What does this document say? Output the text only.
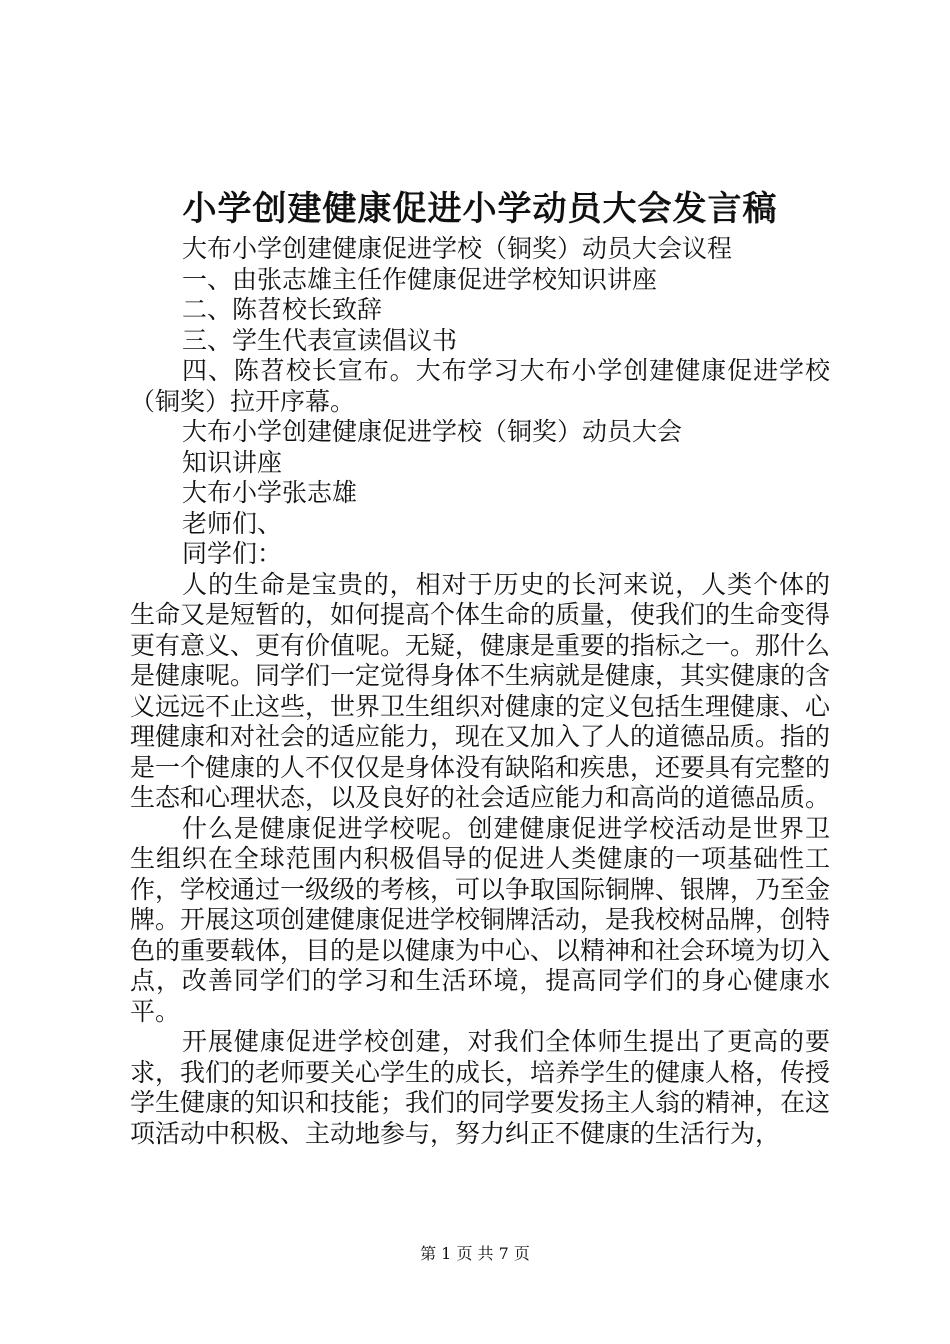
小学创建健康促进小学动员大会发言稿

大布小学创建健康促进学校（铜奖）动员大会议程

一、由张志雄主任作健康促进学校知识讲座

二、陈苕校长致辞

三、学生代表宣读倡议书

四、陈苕校长宣布。大布学习大布小学创建健康促进学校（铜奖）拉开序幕。

大布小学创建健康促进学校（铜奖）动员大会

知识讲座

大布小学张志雄

老师们、

同学们：

人的生命是宝贵的，相对于历史的长河来说，人类个体的生命又是短暂的，如何提高个体生命的质量，使我们的生命变得更有意义、更有价值呢。无疑，健康是重要的指标之一。那什么是健康呢。同学们一定觉得身体不生病就是健康，其实健康的含义远远不止这些，世界卫生组织对健康的定义包括生理健康、心理健康和对社会的适应能力，现在又加入了人的道德品质。指的是一个健康的人不仅仅是身体没有缺陷和疾患，还要具有完整的生态和心理状态，以及良好的社会适应能力和高尚的道德品质。

什么是健康促进学校呢。创建健康促进学校活动是世界卫生组织在全球范围内积极倡导的促进人类健康的一项基础性工作，学校通过一级级的考核，可以争取国际铜牌、银牌，乃至金牌。开展这项创建健康促进学校铜牌活动，是我校树品牌，创特色的重要载体，目的是以健康为中心、以精神和社会环境为切入点，改善同学们的学习和生活环境，提高同学们的身心健康水平。

开展健康促进学校创建，对我们全体师生提出了更高的要求，我们的老师要关心学生的成长，培养学生的健康人格，传授学生健康的知识和技能；我们的同学要发扬主人翁的精神，在这项活动中积极、主动地参与，努力纠正不健康的生活行为，

第 1 页 共 7 页
